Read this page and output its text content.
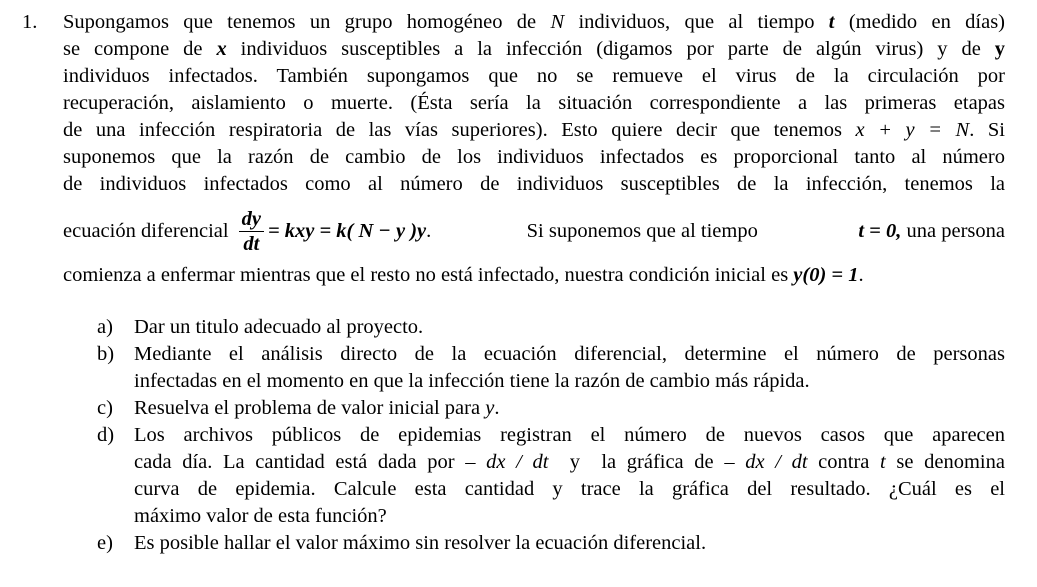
1. Supongamos que tenemos un grupo homogéneo de N individuos, que al tiempo t (medido en días)
se compone de x individuos susceptibles a la infección (digamos por parte de algún virus) y de y
individuos infectados. También supongamos que no se remueve el virus de la circulación por
recuperación, aislamiento o muerte. (Ésta sería la situación correspondiente a las primeras etapas
de una infección respiratoria de las vías superiores). Esto quiere decir que tenemos x + y = N. Si
suponemos que la razón de cambio de los individuos infectados es proporcional tanto al número
de individuos infectados como al número de individuos susceptibles de la infección, tenemos la
ecuación diferencial $\frac{dy}{dt}$ = kxy = k( N − y )y .	Si suponemos que al tiempo	t = 0, una persona
comienza a enfermar mientras que el resto no está infectado, nuestra condición inicial es y(0) = 1.
a) Dar un titulo adecuado al proyecto.
b) Mediante el análisis directo de la ecuación diferencial, determine el número de personas
infectadas en el momento en que la infección tiene la razón de cambio más rápida.
c) Resuelva el problema de valor inicial para y.
d) Los archivos públicos de epidemias registran el número de nuevos casos que aparecen
cada día. La cantidad está dada por – dx / dt  y  la gráfica de – dx / dt contra t se denomina
curva de epidemia. Calcule esta cantidad y trace la gráfica del resultado. ¿Cuál es el
máximo valor de esta función?
e) Es posible hallar el valor máximo sin resolver la ecuación diferencial.
